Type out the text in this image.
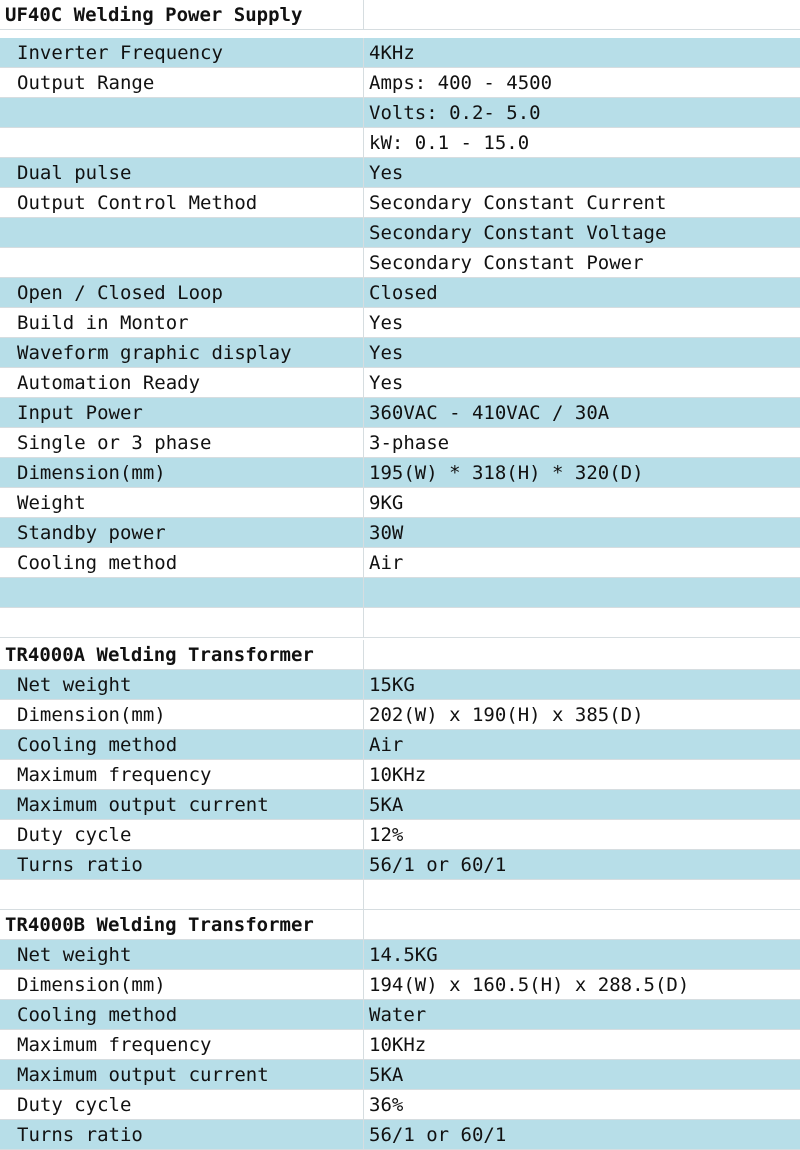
UF40C Welding Power Supply
Inverter Frequency	4KHz
Output Range	Amps: 400 - 4500
Volts: 0.2- 5.0
kW: 0.1 - 15.0
Dual pulse	Yes
Output Control Method	Secondary Constant Current
Secondary Constant Voltage
Secondary Constant Power
Open / Closed Loop	Closed
Build in Montor	Yes
Waveform graphic display	Yes
Automation Ready	Yes
Input Power	360VAC - 410VAC / 30A
Single or 3 phase	3-phase
Dimension(mm)	195(W) * 318(H) * 320(D)
Weight	9KG
Standby power	30W
Cooling method	Air
TR4000A Welding Transformer
Net weight	15KG
Dimension(mm)	202(W) x 190(H) x 385(D)
Cooling method	Air
Maximum frequency	10KHz
Maximum output current	5KA
Duty cycle	12%
Turns ratio	56/1 or 60/1
TR4000B Welding Transformer
Net weight	14.5KG
Dimension(mm)	194(W) x 160.5(H) x 288.5(D)
Cooling method	Water
Maximum frequency	10KHz
Maximum output current	5KA
Duty cycle	36%
Turns ratio	56/1 or 60/1
